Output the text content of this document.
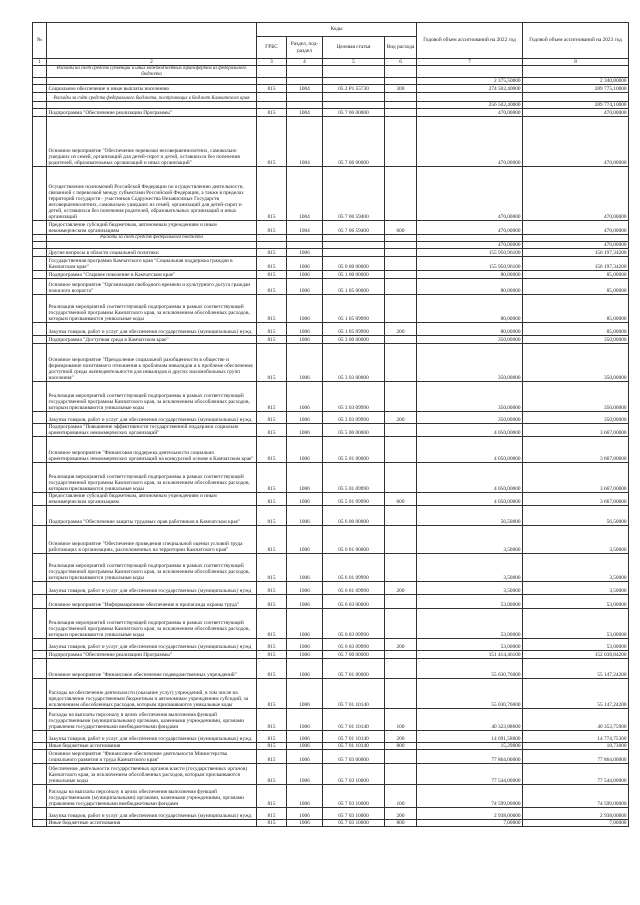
№		Коды				Годовой объем ассигнований на 2022 год	Годовой объем ассигнований на 2023 год
		ГРБС	Раздел, под- раздел	Целевая статья	Вид расхода		
1	2	3	4	5	6	7	8
	Расходы на счёт средств субвенций и иных межбюджетных трансфертов из федерального бюджета						
						2 375,50000	2 340,80000
	Социальное обеспечение и иные выплаты населению	815	1004	05 2 P1 55730	300	274 502,40000	289 775,10000
	Расходы за счёт средств федерального бюджета, поступающих в бюджет Камчатского края						
						256 502,40000	289 774,10000
	Подпрограмма "Обеспечение реализации Программы"	815	1004	05 7 00 00000		470,00000	470,00000
	Основное мероприятие "Обеспечение перевозки несовершеннолетних, самовольно ушедших из семей, организаций для детей-сирот и детей, оставшихся без попечения родителей, образовательных организаций и иных организаций"	815	1004	05 7 06 00000		470,00000	470,00000
	Осуществление полномочий Российской Федерации по осуществлению деятельности, связанной с перевозкой между субъектами Российской Федерации, а также в пределах территорий государств - участников Содружества Независимых Государств несовершеннолетних, самовольно ушедших из семей, организаций для детей-сирот и детей, оставшихся без попечения родителей, образовательных организаций и иных организаций	815	1004	05 7 06 59400		470,00000	470,00000
	Предоставление субсидий бюджетным, автономным учреждениям и иным некоммерческим организациям	815	1004	05 7 06 59400	600	470,00000	470,00000
	Расходы за счёт средств федерального бюджета						
						470,00000	470,00000
	Другие вопросы в области социальной политики	815	1006			155 950,96100	156 197,34200
	Государственная программа Камчатского края "Социальная поддержка граждан в Камчатском крае"	815	1006	05 0 00 00000		155 950,96100	156 197,34200
	Подпрограмма "Старшее поколение в Камчатском крае"	815	1006	05 1 00 00000		80,00000	85,00000
	Основное мероприятие "Организация свободного времени и культурного досуга граждан пожилого возраста"	815	1006	05 1 05 00000		80,00000	85,00000
	Реализация мероприятий соответствующей подпрограммы в рамках соответствующей государственной программы Камчатского края, за исключением обособленных расходов, которым присваиваются уникальные коды	815	1006	05 1 05 09990		80,00000	85,00000
	Закупка товаров, работ и услуг для обеспечения государственных (муниципальных) нужд	815	1006	05 1 05 09990	200	80,00000	85,00000
	Подпрограмма "Доступная среда в Камчатском крае"	815	1006	05 3 00 00000		350,00000	350,00000
	Основное мероприятие "Преодоление социальной разобщенности в обществе и формирование позитивного отношения к проблемам инвалидов и к проблеме обеспечения доступной среды жизнедеятельности для инвалидов и других маломобильных групп населения"	815	1006	05 3 03 00000		350,00000	350,00000
	Реализация мероприятий соответствующей подпрограммы в рамках соответствующей государственной программы Камчатского края, за исключением обособленных расходов, которым присваиваются уникальные коды	815	1006	05 3 03 09990		350,00000	350,00000
	Закупка товаров, работ и услуг для обеспечения государственных (муниципальных) нужд	815	1006	05 3 03 09990	200	350,00000	350,00000
	Подпрограмма "Повышение эффективности государственной поддержки социально ориентированных некоммерческих организаций"	815	1006	05 5 00 00000		4 050,00000	3 667,00000
	Основное мероприятие "Финансовая поддержка деятельности социально ориентированных некоммерческих организаций на конкурсной основе в Камчатском крае"	815	1006	05 5 01 00000		4 050,00000	3 667,00000
	Реализация мероприятий соответствующей подпрограммы в рамках соответствующей государственной программы Камчатского края, за исключением обособленных расходов, которым присваиваются уникальные коды	815	1006	05 5 01 09990		4 050,00000	3 667,00000
	Предоставление субсидий бюджетным, автономным учреждениям и иным некоммерческим организациям	815	1006	05 5 01 09990	600	4 050,00000	3 667,00000
	Подпрограмма "Обеспечение защиты трудовых прав работников в Камчатском крае"	815	1006	05 6 00 00000		56,50000	56,50000
	Основное мероприятие "Обеспечение проведения специальной оценки условий труда работающих в организациях, расположенных на территории Камчатского края"	815	1006	05 6 01 00000		3,50000	3,50000
	Реализация мероприятий соответствующей подпрограммы в рамках соответствующей государственной программы Камчатского края, за исключением обособленных расходов, которым присваиваются уникальные коды	815	1006	05 6 01 09990		3,50000	3,50000
	Закупка товаров, работ и услуг для обеспечения государственных (муниципальных) нужд	815	1006	05 6 01 09990	200	3,50000	3,50000
	Основное мероприятие "Информационное обеспечение и пропаганда охраны труда"	815	1006	05 6 03 00000		53,00000	53,00000
	Реализация мероприятий соответствующей подпрограммы в рамках соответствующей государственной программы Камчатского края, за исключением обособленных расходов, которым присваиваются уникальные коды	815	1006	05 6 03 09990		53,00000	53,00000
	Закупка товаров, работ и услуг для обеспечения государственных (муниципальных) нужд	815	1006	05 6 03 09990	200	53,00000	53,00000
	Подпрограмма "Обеспечение реализации Программы"	815	1006	05 7 00 00000		151 414,46100	152 038,84200
	Основное мероприятие "Финансовое обеспечение подведомственных учреждений"	815	1006	05 7 01 00000		55 030,76000	55 147,24200
	Расходы на обеспечение деятельности (оказание услуг) учреждений, в том числе на предоставление государственным бюджетным и автономным учреждениям субсидий, за исключением обособленных расходов, которым присваиваются уникальные коды	815	1006	05 7 01 10140		55 030,76000	55 147,24200
	Расходы на выплаты персоналу в целях обеспечения выполнения функций государственными (муниципальными) органами, казенными учреждениями, органами управления государственными внебюджетными фондами	815	1006	05 7 01 10140	100	40 323,88600	40 353,75900
	Закупка товаров, работ и услуг для обеспечения государственных (муниципальных) нужд	815	1006	05 7 01 10140	200	14 691,58600	14 774,75300
	Иные бюджетные ассигнования	815	1006	05 7 01 10140	800	15,29000	18,73000
	Основное мероприятие "Финансовое обеспечение деятельности Министерства социального развития и труда Камчатского края"	815	1006	05 7 03 00000		77 864,00000	77 864,00000
	Обеспечение деятельности государственных органов власти (государственных органов) Камчатского края, за исключением обособленных расходов, которым присваиваются уникальные коды	815	1006	05 7 03 10000		77 544,00000	77 544,00000
	Расходы на выплаты персоналу в целях обеспечения выполнения функций государственными (муниципальными) органами, казенными учреждениями, органами управления государственными внебюджетными фондами	815	1006	05 7 03 10000	100	74 599,00000	74 599,00000
	Закупка товаров, работ и услуг для обеспечения государственных (муниципальных) нужд	815	1006	05 7 03 10000	200	2 938,00000	2 938,00000
	Иные бюджетные ассигнования	815	1006	05 7 03 10000	800	7,00000	7,00000
